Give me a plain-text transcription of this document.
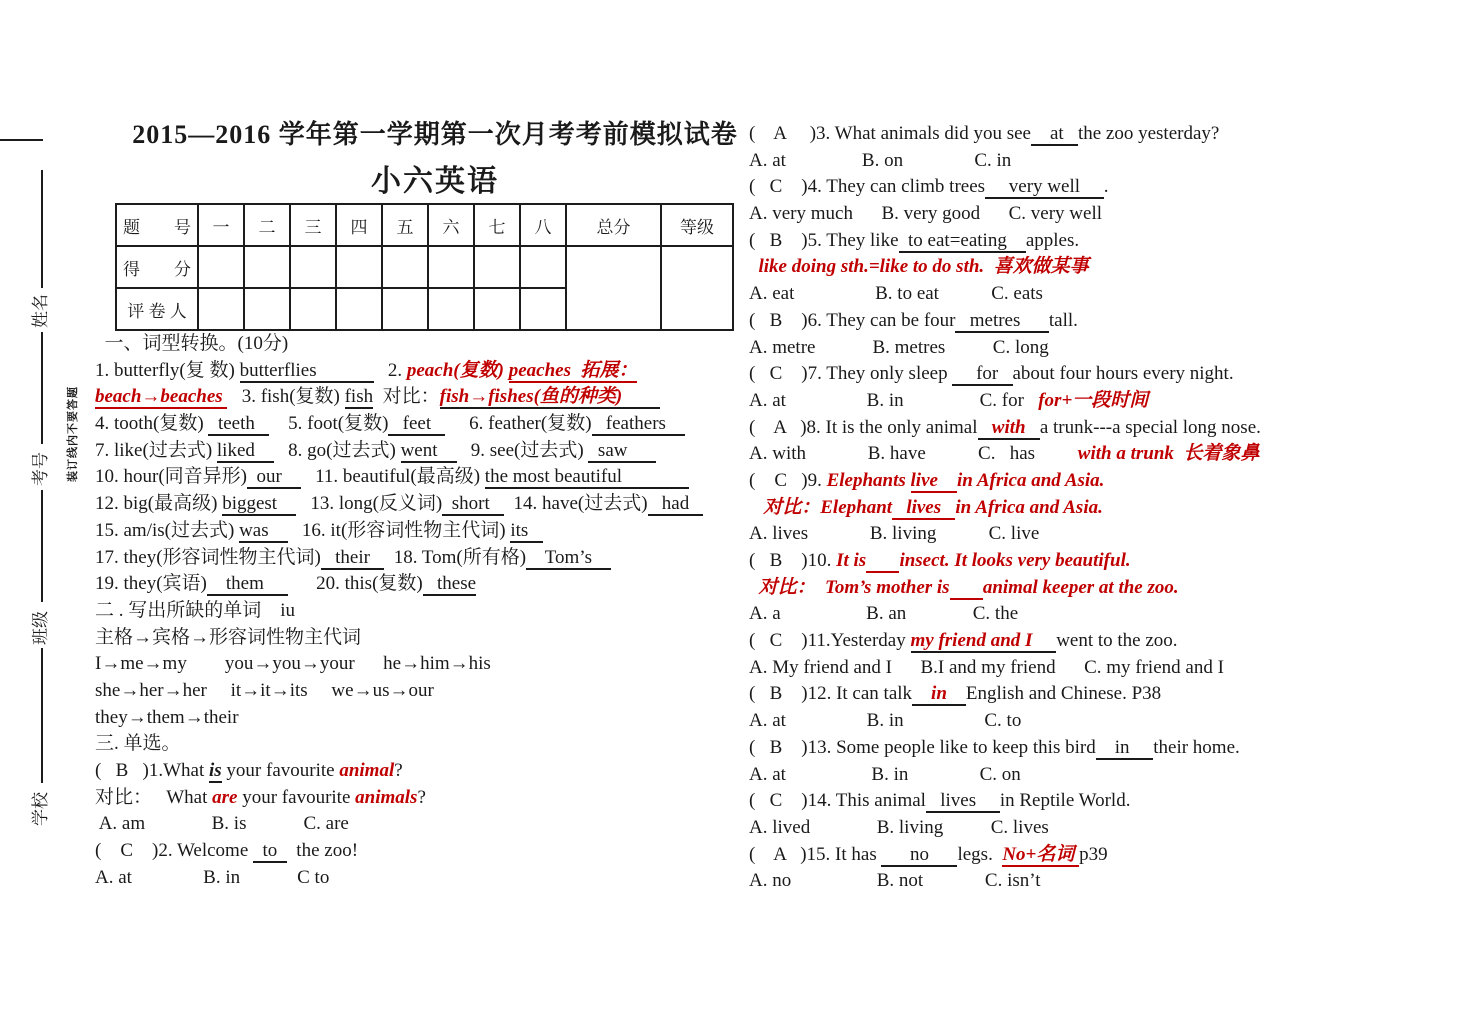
姓名
考号
班级
学校
装订线内不要答题
2015—2016 学年第一学期第一次月考考前模拟试卷
小六英语
题　　号	一	二	三	四	五	六	七	八	总分	等级
得　　分										
评 卷 人										
一、词型转换。(10分)
1. butterfly(复 数) butterflies               2. peach(复数) peaches  拓展：
beach→beaches    3. fish(复数) fish  对比：fish→fishes(鱼的种类)
4. tooth(复数)   teeth       5. foot(复数)   feet        6. feather(复数)   feathers
7. like(过去式) liked       8. go(过去式) went       9. see(过去式)   saw
10. hour(同音异形)  our       11. beautiful(最高级) the most beautiful
12. big(最高级) biggest       13. long(反义词)  short     14. have(过去式)   had
15. am/is(过去式) was       16. it(形容词性物主代词) its
17. they(形容词性物主代词)   their     18. Tom(所有格)    Tom’s
19. they(宾语)    them           20. this(复数)   these
二 . 写出所缺的单词    iu
主格→宾格→形容词性物主代词
I→me→my        you→you→your      he→him→his
she→her→her     it→it→its     we→us→our
they→them→their
三. 单选。
(   B   )1.What is your favourite animal?
对比：   What are your favourite animals?
A. am              B. is            C. are
(    C    )2. Welcome   to    the zoo!
A. at               B. in            C to
(    A     )3. What animals did you see    at   the zoo yesterday?
A. at                B. on               C. in
(   C    )4. They can climb trees     very well     .
A. very much      B. very good      C. very well
(   B    )5. They like  to eat=eating    apples.
like doing sth.=like to do sth.  喜欢做某事
A. eat                 B. to eat           C. eats
(   B    )6. They can be four   metres      tall.
A. metre            B. metres          C. long
(   C    )7. They only sleep      for   about four hours every night.
A. at                 B. in                C. for   for+一段时间
(    A   )8. It is the only animal   with   a trunk---a special long nose.
A. with             B. have           C.   has         with a trunk  长着象鼻
(    C   )9. Elephants live    in Africa and Asia.
对比：Elephant   lives   in Africa and Asia.
A. lives             B. living           C. live
(   B    )10. It is insect. It looks very beautiful.
对比：  Tom’s mother is animal keeper at the zoo.
A. a                  B. an              C. the
(   C    )11.Yesterday my friend and I     went to the zoo.
A. My friend and I      B.I and my friend      C. my friend and I
(   B    )12. It can talk in English and Chinese. P38
A. at                 B. in                 C. to
(   B    )13. Some people like to keep this bird    in     their home.
A. at                  B. in               C. on
(   C    )14. This animal   lives     in Reptile World.
A. lived              B. living          C. lives
(    A   )15. It has       no      legs.  No+名词 p39
A. no                  B. not             C. isn’t
